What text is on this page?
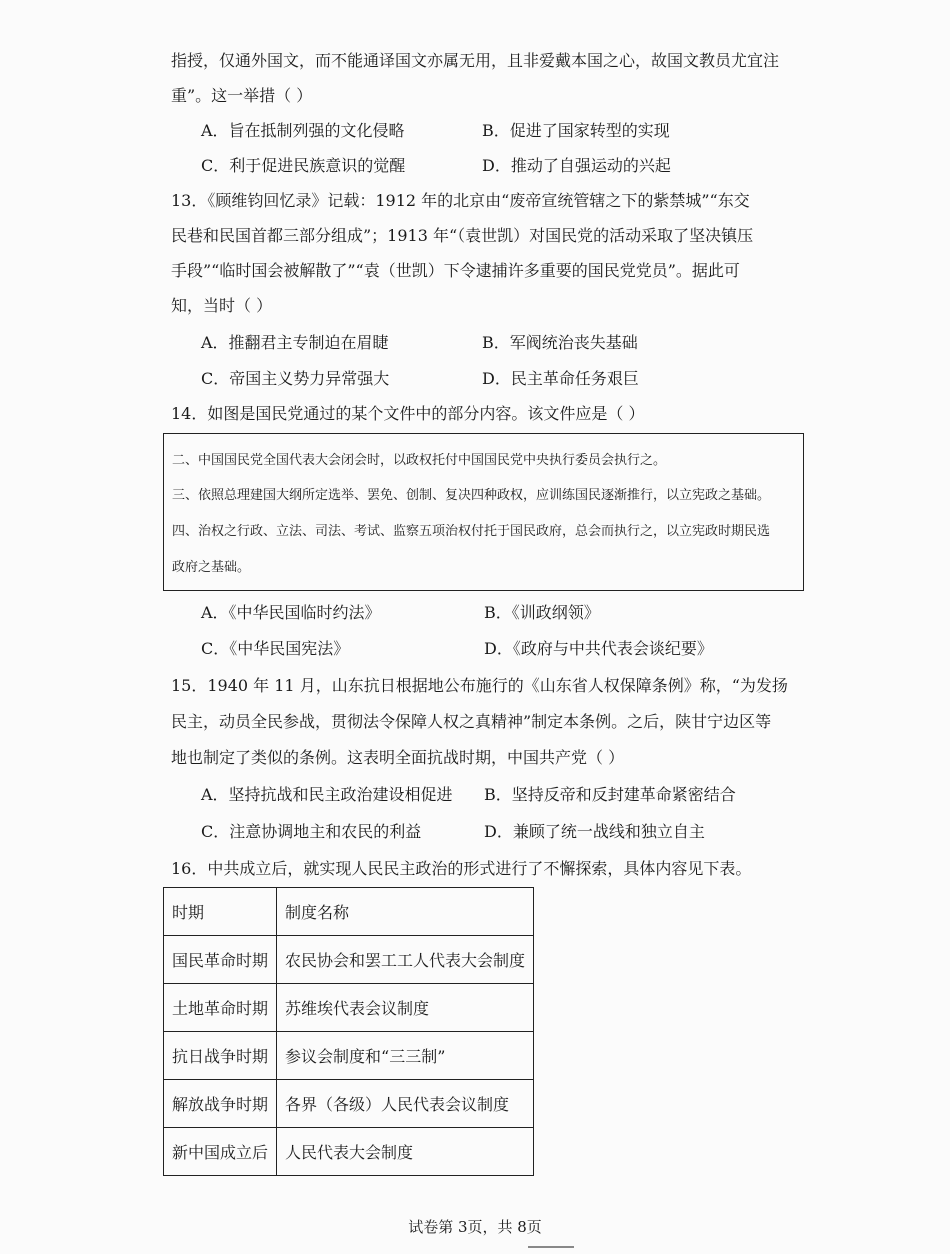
指授，仅通外国文，而不能通译国文亦属无用，且非爱戴本国之心，故国文教员尤宜注
重”。这一举措（ ）
A．旨在抵制列强的文化侵略	B．促进了国家转型的实现
C．利于促进民族意识的觉醒	D．推动了自强运动的兴起
13．《顾维钧回忆录》记载：1912 年的北京由“废帝宣统管辖之下的紫禁城”“东交
民巷和民国首都三部分组成”；1913 年“（袁世凯）对国民党的活动采取了坚决镇压
手段”“临时国会被解散了”“袁（世凯）下令逮捕许多重要的国民党党员”。据此可
知，当时（ ）
A．推翻君主专制迫在眉睫	B．军阀统治丧失基础
C．帝国主义势力异常强大	D．民主革命任务艰巨
14．如图是国民党通过的某个文件中的部分内容。该文件应是（ ）
二、中国国民党全国代表大会闭会时，以政权托付中国国民党中央执行委员会执行之。
三、依照总理建国大纲所定选举、罢免、创制、复决四种政权，应训练国民逐渐推行，以立宪政之基础。
四、治权之行政、立法、司法、考试、监察五项治权付托于国民政府，总会而执行之，以立宪政时期民选
政府之基础。
A．《中华民国临时约法》	B．《训政纲领》
C．《中华民国宪法》	D．《政府与中共代表会谈纪要》
15．1940 年 11 月，山东抗日根据地公布施行的《山东省人权保障条例》称，“为发扬
民主，动员全民参战，贯彻法令保障人权之真精神”制定本条例。之后，陕甘宁边区等
地也制定了类似的条例。这表明全面抗战时期，中国共产党（ ）
A．坚持抗战和民主政治建设相促进 B．坚持反帝和反封建革命紧密结合
C．注意协调地主和农民的利益	D．兼顾了统一战线和独立自主
16．中共成立后，就实现人民民主政治的形式进行了不懈探索，具体内容见下表。
时期	制度名称
国民革命时期	农民协会和罢工工人代表大会制度
土地革命时期	苏维埃代表会议制度
抗日战争时期	参议会制度和“三三制”
解放战争时期	各界（各级）人民代表会议制度
新中国成立后	人民代表大会制度
试卷第 3页，共 8页
